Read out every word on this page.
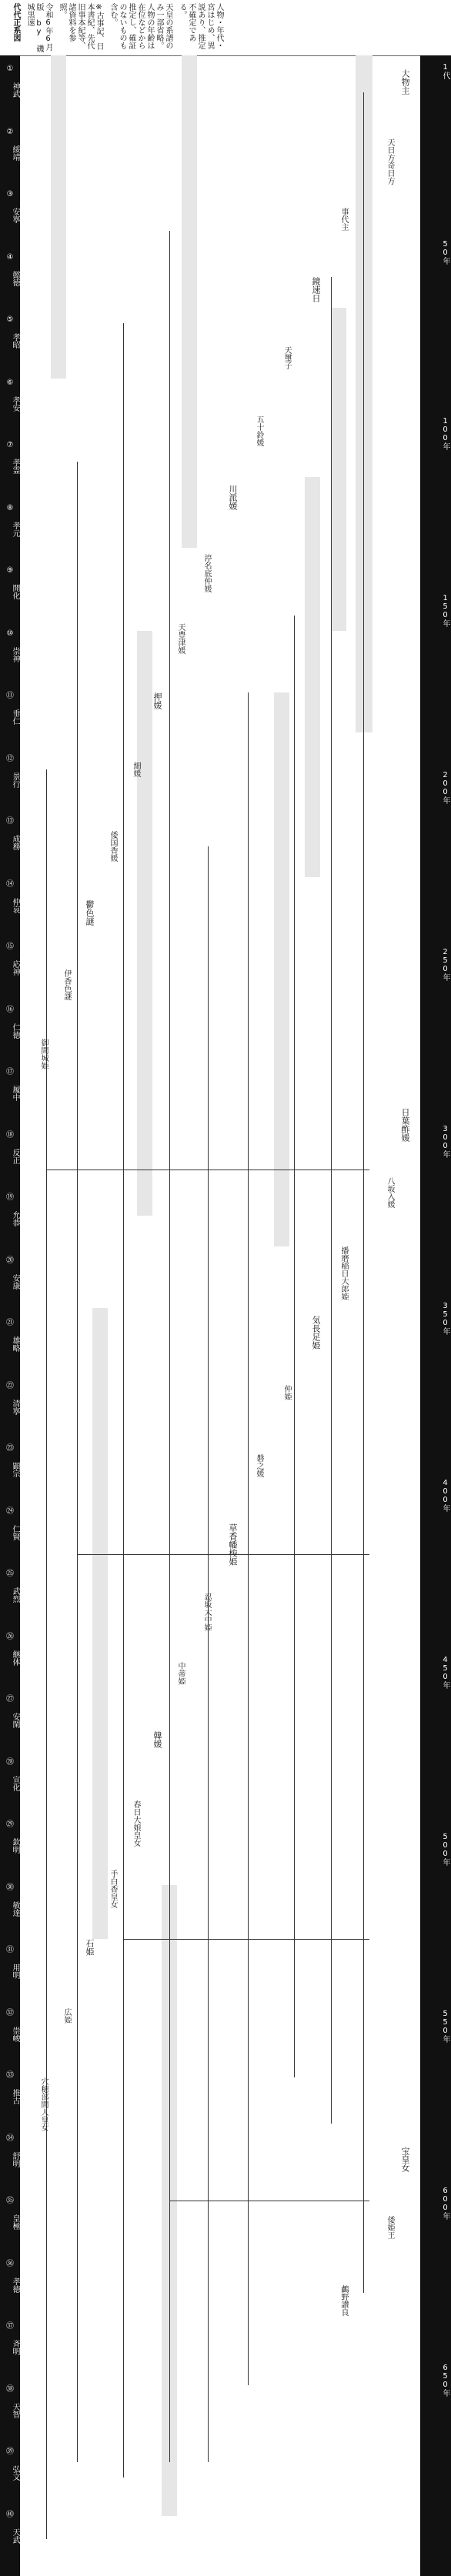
代代正系図	令和6年6月版 by 磯城黒速	※古事記、日本書紀、先代旧事本紀等、諸資料を参照。	天皇の系譜のみ一部省略。人物の年齢は在位などから推定し、確証のないものも含む。	人物・年代・宮はじめ、異説あり、推定不確定である。
①
神武
②
綏靖
③
安寧
④
懿徳
⑤
孝昭
⑥
孝安
⑦
孝霊
⑧
孝元
⑨
開化
⑩
崇神
⑪
垂仁
⑫
景行
⑬
成務
⑭
仲哀
⑮
応神
⑯
仁徳
⑰
履中
⑱
反正
⑲
允恭
⑳
安康
㉑
雄略
㉒
清寧
㉓
顕宗
㉔
仁賢
㉕
武烈
㉖
継体
㉗
安閑
㉘
宣化
㉙
欽明
㉚
敏達
㉛
用明
㉜
崇峻
㉝
推古
㉞
舒明
㉟
皇極
㊱
孝徳
㊲
斉明
㊳
天智
㊴
弘文
㊵
天武
1代
50年
100年
150年
200年
250年
300年
350年
400年
450年
500年
550年
600年
650年
大物主
天日方奇日方
事代主
鏡速日
天璽子
五十鈴媛
川派媛
渟名底仲媛
天豊津媛
押媛
細媛
倭国香媛
鬱色謎
伊香色謎
御間城姫
日葉酢媛
八坂入媛
播磨稲日大郎姫
気長足姫
仲姫
磐之媛
草香幡梭姫
忍坂大中姫
中蒂姫
韓媛
春日大娘皇女
手白香皇女
石姫
広姫
穴穂部間人皇女
宝皇女
倭姫王
鸕野讃良
